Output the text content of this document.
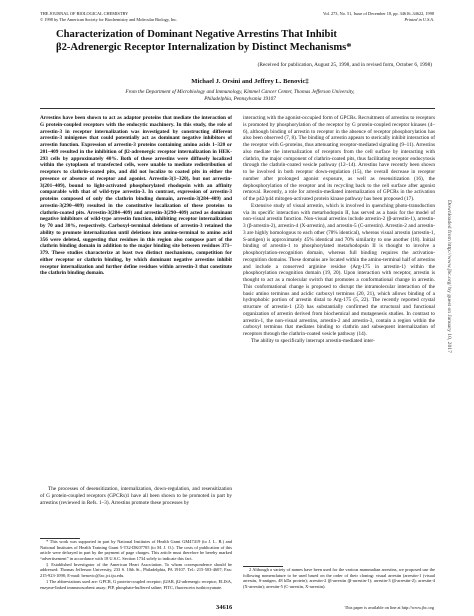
THE JOURNAL OF BIOLOGICAL CHEMISTRY
© 1998 by The American Society for Biochemistry and Molecular Biology, Inc.
Vol. 273, No. 51, Issue of December 18, pp. 34616–34622, 1998
Printed in U.S.A.
Characterization of Dominant Negative Arrestins That Inhibit
β2-Adrenergic Receptor Internalization by Distinct Mechanisms*
(Received for publication, August 25, 1998, and in revised form, October 6, 1998)
Michael J. Orsini and Jeffrey L. Benovic‡
From the Department of Microbiology and Immunology, Kimmel Cancer Center, Thomas Jefferson University,
Philadelphia, Pennsylvania 19107
Arrestins have been shown to act as adaptor proteins that mediate the interaction of G protein-coupled receptors with the endocytic machinery. In this study, the role of arrestin-3 in receptor internalization was investigated by constructing different arrestin-3 minigenes that could potentially act as dominant negative inhibitors of arrestin function. Expression of arrestin-3 proteins containing amino acids 1–320 or 201–409 resulted in the inhibition of β2-adrenergic receptor internalization in HEK-293 cells by approximately 40%. Both of these arrestins were diffusely localized within the cytoplasm of transfected cells, were unable to mediate redistribution of receptors to clathrin-coated pits, and did not localize to coated pits in either the presence or absence of receptor and agonist. Arrestin-3(1–320), but not arrestin-3(201–409), bound to light-activated phosphorylated rhodopsin with an affinity comparable with that of wild-type arrestin-3. In contrast, expression of arrestin-3 proteins composed of only the clathrin binding domain, arrestin-3(284–409) and arrestin-3(290–409) resulted in the constitutive localization of these proteins to clathrin-coated pits. Arrestin-3(284–409) and arrestin-3(290–409) acted as dominant negative inhibitors of wild-type arrestin function, inhibiting receptor internalization by 70 and 30%, respectively. Carboxyl-terminal deletions of arrestin-3 retained the ability to promote internalization until deletions into amino-terminal to amino acid 356 were deleted, suggesting that residues in this region also compose part of the clathrin binding domain in addition to the major binding site between residues 371–379. These studies characterize at least two distinct mechanisms, competition for either receptor or clathrin binding, by which dominant negative arrestins inhibit receptor internalization and further define residues within arrestin-3 that constitute the clathrin binding domain.
The processes of desensitization, internalization, down-regulation, and resensitization of G protein-coupled receptors (GPCRs)1 have all been shown to be promoted in part by arrestins (reviewed in Refs. 1–3). Arrestins promote these processes by

* This work was supported in part by National Institutes of Health Grant GM47419 (to J. L. B.) and National Institutes of Health Training Grant 5-T32-DK07705 (to M. J. O.). The costs of publication of this article were defrayed in part by the payment of page charges. This article must therefore be hereby marked “advertisement” in accordance with 18 U.S.C. Section 1734 solely to indicate this fact.

‡ Established Investigator of the American Heart Association. To whom correspondence should be addressed: Thomas Jefferson University, 233 S. 10th St., Philadelphia, PA 19107. Tel.: 215-503-4607; Fax: 215-923-1098; E-mail: benovic@lac.jci.tju.edu.

1 The abbreviations used are: GPCR, G protein-coupled receptor; β2AR, β2-adrenergic receptor; ELISA, enzyme-linked immunosorbent assay; PIP, phosphate-buffered saline; FITC, fluorescein isothiocyanate.

interacting with the agonist-occupied form of GPCRs. Recruitment of arrestins to receptors is promoted by phosphorylation of the receptor by G protein-coupled receptor kinases (4–6), although binding of arrestin to receptor in the absence of receptor phosphorylation has also been observed (7, 8). The binding of arrestin appears to sterically inhibit interaction of the receptor with G-proteins, thus attenuating receptor-mediated signaling (9–11). Arrestins also mediate the internalization of receptors from the cell surface by interacting with clathrin, the major component of clathrin-coated pits, thus facilitating receptor endocytosis through the clathrin-coated vesicle pathway (12–14). Arrestins have recently been shown to be involved in both receptor down-regulation (15), the overall decrease in receptor number after prolonged agonist exposure, as well as resensitization (16), the dephosphorylation of the receptor and its recycling back to the cell surface after agonist removal. Recently, a role for arrestin-mediated internalization of GPCRs in the activation of the p42/p44 mitogen-activated protein kinase pathway has been proposed (17).

Extensive study of visual arrestin, which is involved in quenching photo-transduction via its specific interaction with metarhodopsin II, has served as a basis for the model of non-visual arrestin function. Non-visual arrestins include arrestin-2 (β-arrestin-1), arrestin-3 (β-arrestin-2), arrestin-4 (X-arrestin), and arrestin-5 (C-arrestin). Arrestin-2 and arrestin-3 are highly homologous to each other (78% identical), whereas visual arrestin (arrestin-1, S-antigen) is approximately 45% identical and 70% similarity to one another (18). Initial binding of arrestin-1 to phosphorylated metarhodopsin II is thought to involve a phosphorylation-recognition domain, whereas full binding requires the activation-recognition domains. These domains are located within the amino-terminal half of arrestins and include a conserved arginine residue (Arg-175 in arrestin-1) within the phosphorylation recognition domain (19, 20). Upon interaction with receptor, arrestin is thought to act as a molecular switch that promotes a conformational change in arrestin. This conformational change is proposed to disrupt the intramolecular interaction of the basic amino terminus and acidic carboxyl terminus (20, 21), which allows binding of a hydrophobic portion of arrestin distal to Arg-175 (5, 22). The recently reported crystal structure of arrestin-1 (23) has substantially confirmed the structural and functional organization of arrestin derived from biochemical and mutagenesis studies. In contrast to arrestin-1, the non-visual arrestins, arrestin-2 and arrestin-3, contain a region within the carboxyl terminus that mediates binding to clathrin and subsequent internalization of receptors through the clathrin-coated vesicle pathway (14).

The ability to specifically interrupt arrestin-mediated inter-

2 Although a variety of names have been used for the various mammalian arrestins, we proposed use the following nomenclature to be used based on the order of their cloning: visual arrestin (arrestin-1 (visual arrestin, S-antigen, 48 kDa protein); arrestin-2 (β-arrestin (β-arrestin-1); arrestin-3 (β-arrestin-2); arrestin-4 (X-arrestin); arrestin-5 (C-arrestin, X-arrestin).

34616	This paper is available on line at http://www.jbc.org
Downloaded from http://www.jbc.org/ by guest on January 10, 2017
